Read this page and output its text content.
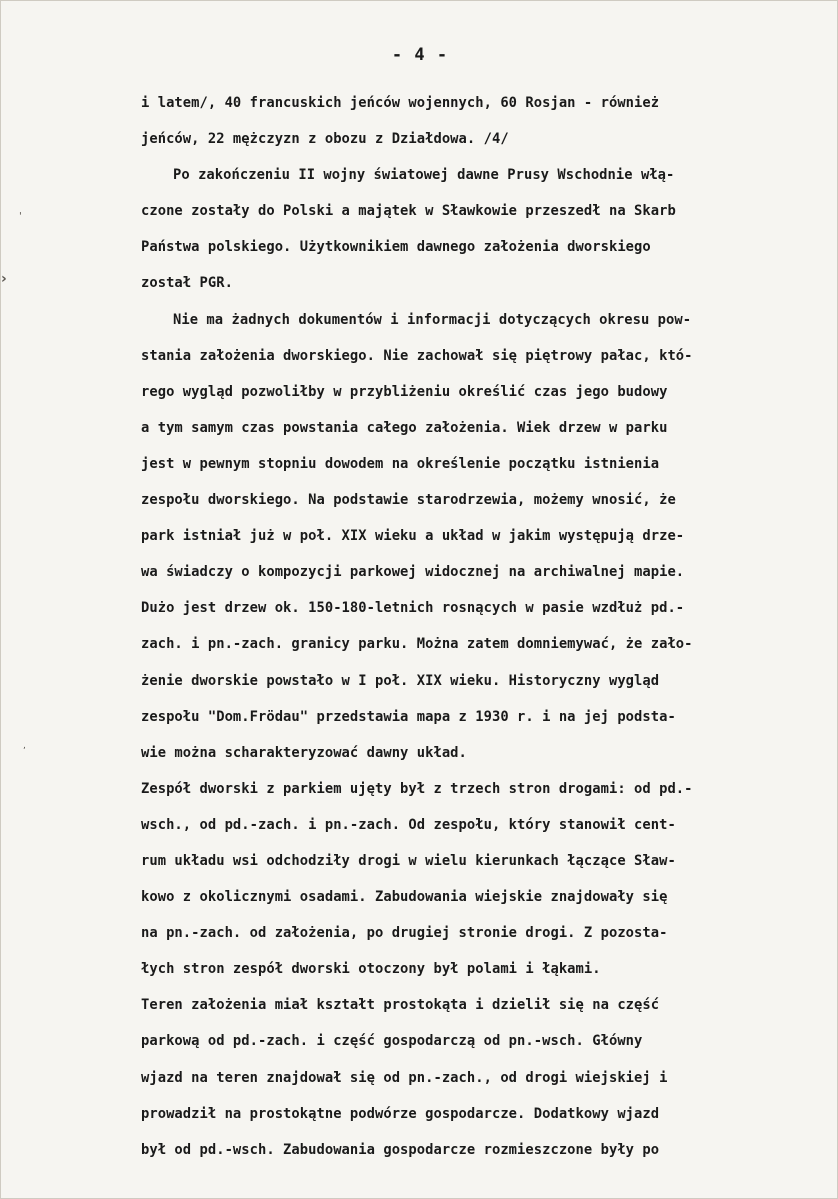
- 4 -
i latem/, 40 francuskich jeńców wojennych, 60 Rosjan - również
jeńców, 22 mężczyzn z obozu z Działdowa. /4/
Po zakończeniu II wojny światowej dawne Prusy Wschodnie włą-
czone zostały do Polski a majątek w Sławkowie przeszedł na Skarb
Państwa polskiego. Użytkownikiem dawnego założenia dworskiego
został PGR.
Nie ma żadnych dokumentów i informacji dotyczących okresu pow-
stania założenia dworskiego. Nie zachował się piętrowy pałac, któ-
rego wygląd pozwoliłby w przybliżeniu określić czas jego budowy
a tym samym czas powstania całego założenia. Wiek drzew w parku
jest w pewnym stopniu dowodem na określenie początku istnienia
zespołu dworskiego. Na podstawie starodrzewia, możemy wnosić, że
park istniał już w poł. XIX wieku a układ w jakim występują drze-
wa świadczy o kompozycji parkowej widocznej na archiwalnej mapie.
Dużo jest drzew ok. 150-180-letnich rosnących w pasie wzdłuż pd.-
zach. i pn.-zach. granicy parku. Można zatem domniemywać, że zało-
żenie dworskie powstało w I poł. XIX wieku. Historyczny wygląd
zespołu "Dom.Frödau" przedstawia mapa z 1930 r. i na jej podsta-
wie można scharakteryzować dawny układ.
Zespół dworski z parkiem ujęty był z trzech stron drogami: od pd.-
wsch., od pd.-zach. i pn.-zach. Od zespołu, który stanowił cent-
rum układu wsi odchodziły drogi w wielu kierunkach łączące Sław-
kowo z okolicznymi osadami. Zabudowania wiejskie znajdowały się
na pn.-zach. od założenia, po drugiej stronie drogi. Z pozosta-
łych stron zespół dworski otoczony był polami i łąkami.
Teren założenia miał kształt prostokąta i dzielił się na część
parkową od pd.-zach. i część gospodarczą od pn.-wsch. Główny
wjazd na teren znajdował się od pn.-zach., od drogi wiejskiej i
prowadził na prostokątne podwórze gospodarcze. Dodatkowy wjazd
był od pd.-wsch. Zabudowania gospodarcze rozmieszczone były po
'
›
,
